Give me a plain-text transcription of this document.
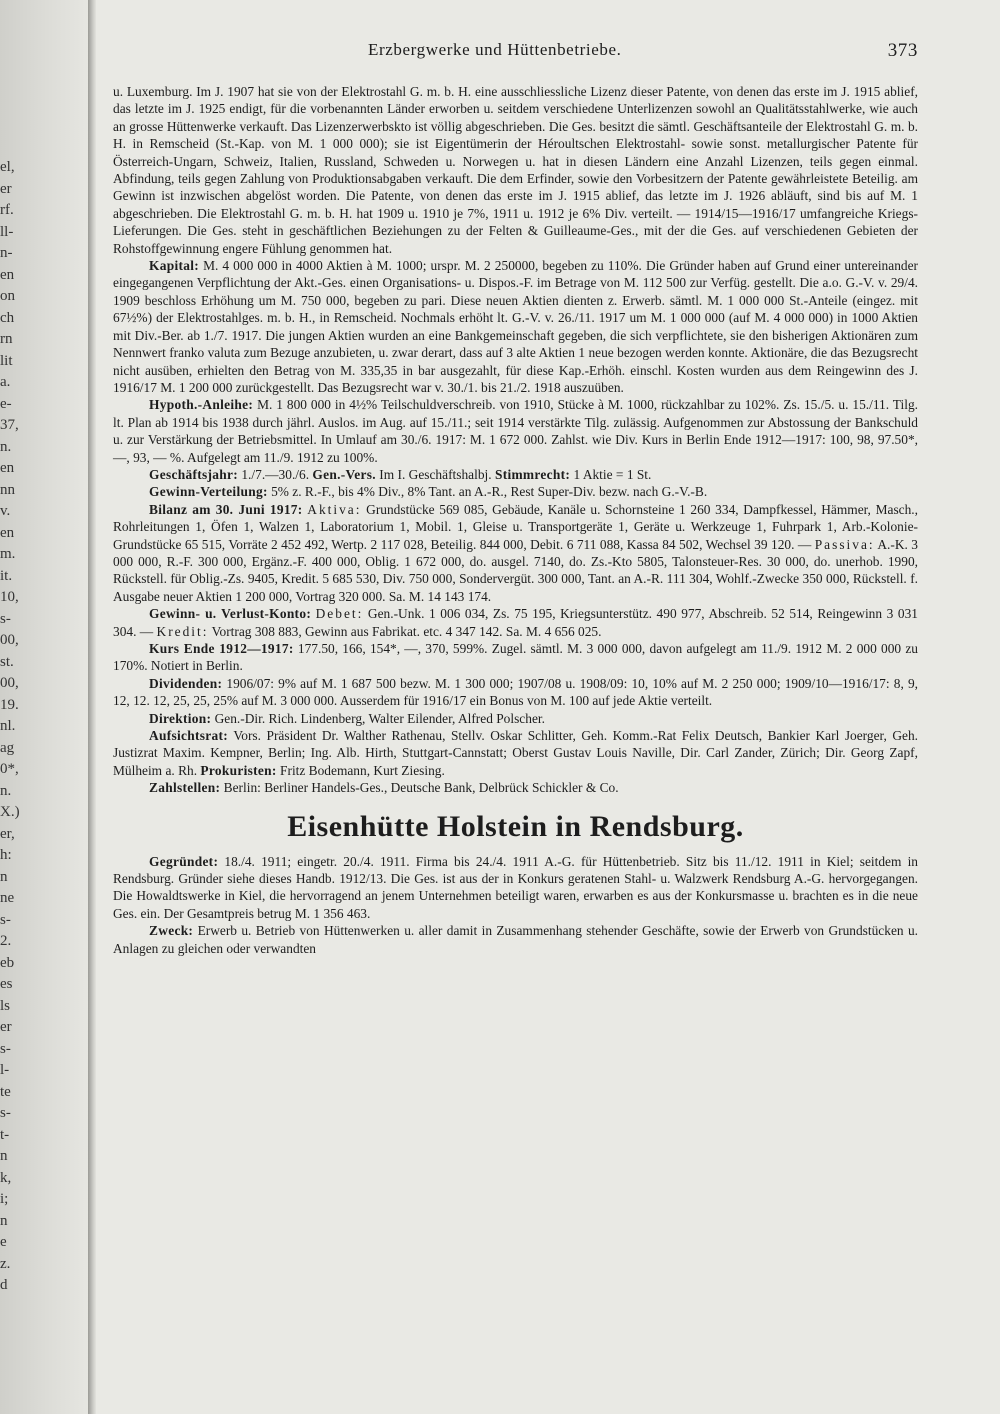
el,
er
rf.
ll-
n-
en
on
ch
rn
lit
a.
e-
37,
n.
en
nn
v.
en
m.
it.
10,
s-
00,
st.
00,
19.
nl.
ag
0*,
n.
X.)
er,
h:
n
ne
s-
2.
eb
es
ls
er
s-
l-
te
s-
t-
n
k,
i;
n
e
z.
d
Erzbergwerke und Hüttenbetriebe.	373

u. Luxemburg. Im J. 1907 hat sie von der Elektrostahl G. m. b. H. eine ausschliessliche Lizenz dieser Patente, von denen das erste im J. 1915 ablief, das letzte im J. 1925 endigt, für die vorbenannten Länder erworben u. seitdem verschiedene Unterlizenzen sowohl an Qualitätsstahlwerke, wie auch an grosse Hüttenwerke verkauft. Das Lizenzerwerbskto ist völlig abgeschrieben. Die Ges. besitzt die sämtl. Geschäftsanteile der Elektrostahl G. m. b. H. in Remscheid (St.-Kap. von M. 1 000 000); sie ist Eigentümerin der Héroultschen Elektrostahl- sowie sonst. metallurgischer Patente für Österreich-Ungarn, Schweiz, Italien, Russland, Schweden u. Norwegen u. hat in diesen Ländern eine Anzahl Lizenzen, teils gegen einmal. Abfindung, teils gegen Zahlung von Produktionsabgaben verkauft. Die dem Erfinder, sowie den Vorbesitzern der Patente gewährleistete Beteilig. am Gewinn ist inzwischen abgelöst worden. Die Patente, von denen das erste im J. 1915 ablief, das letzte im J. 1926 abläuft, sind bis auf M. 1 abgeschrieben. Die Elektrostahl G. m. b. H. hat 1909 u. 1910 je 7%, 1911 u. 1912 je 6% Div. verteilt. — 1914/15—1916/17 umfangreiche Kriegs-Lieferungen. Die Ges. steht in geschäftlichen Beziehungen zu der Felten & Guilleaume-Ges., mit der die Ges. auf verschiedenen Gebieten der Rohstoffgewinnung engere Fühlung genommen hat.

Kapital: M. 4 000 000 in 4000 Aktien à M. 1000; urspr. M. 2 250000, begeben zu 110%. Die Gründer haben auf Grund einer untereinander eingegangenen Verpflichtung der Akt.-Ges. einen Organisations- u. Dispos.-F. im Betrage von M. 112 500 zur Verfüg. gestellt. Die a.o. G.-V. v. 29/4. 1909 beschloss Erhöhung um M. 750 000, begeben zu pari. Diese neuen Aktien dienten z. Erwerb. sämtl. M. 1 000 000 St.-Anteile (eingez. mit 67½%) der Elektrostahlges. m. b. H., in Remscheid. Nochmals erhöht lt. G.-V. v. 26./11. 1917 um M. 1 000 000 (auf M. 4 000 000) in 1000 Aktien mit Div.-Ber. ab 1./7. 1917. Die jungen Aktien wurden an eine Bankgemeinschaft gegeben, die sich verpflichtete, sie den bisherigen Aktionären zum Nennwert franko valuta zum Bezuge anzubieten, u. zwar derart, dass auf 3 alte Aktien 1 neue bezogen werden konnte. Aktionäre, die das Bezugsrecht nicht ausüben, erhielten den Betrag von M. 335,35 in bar ausgezahlt, für diese Kap.-Erhöh. einschl. Kosten wurden aus dem Reingewinn des J. 1916/17 M. 1 200 000 zurückgestellt. Das Bezugsrecht war v. 30./1. bis 21./2. 1918 auszuüben.

Hypoth.-Anleihe: M. 1 800 000 in 4½% Teilschuldverschreib. von 1910, Stücke à M. 1000, rückzahlbar zu 102%. Zs. 15./5. u. 15./11. Tilg. lt. Plan ab 1914 bis 1938 durch jährl. Auslos. im Aug. auf 15./11.; seit 1914 verstärkte Tilg. zulässig. Aufgenommen zur Abstossung der Bankschuld u. zur Verstärkung der Betriebsmittel. In Umlauf am 30./6. 1917: M. 1 672 000. Zahlst. wie Div. Kurs in Berlin Ende 1912—1917: 100, 98, 97.50*, —, 93, — %. Aufgelegt am 11./9. 1912 zu 100%.

Geschäftsjahr: 1./7.—30./6. Gen.-Vers. Im I. Geschäftshalbj. Stimmrecht: 1 Aktie = 1 St.

Gewinn-Verteilung: 5% z. R.-F., bis 4% Div., 8% Tant. an A.-R., Rest Super-Div. bezw. nach G.-V.-B.

Bilanz am 30. Juni 1917: Aktiva: Grundstücke 569 085, Gebäude, Kanäle u. Schornsteine 1 260 334, Dampfkessel, Hämmer, Masch., Rohrleitungen 1, Öfen 1, Walzen 1, Laboratorium 1, Mobil. 1, Gleise u. Transportgeräte 1, Geräte u. Werkzeuge 1, Fuhrpark 1, Arb.-Kolonie-Grundstücke 65 515, Vorräte 2 452 492, Wertp. 2 117 028, Beteilig. 844 000, Debit. 6 711 088, Kassa 84 502, Wechsel 39 120. — Passiva: A.-K. 3 000 000, R.-F. 300 000, Ergänz.-F. 400 000, Oblig. 1 672 000, do. ausgel. 7140, do. Zs.-Kto 5805, Talonsteuer-Res. 30 000, do. unerhob. 1990, Rückstell. für Oblig.-Zs. 9405, Kredit. 5 685 530, Div. 750 000, Sondervergüt. 300 000, Tant. an A.-R. 111 304, Wohlf.-Zwecke 350 000, Rückstell. f. Ausgabe neuer Aktien 1 200 000, Vortrag 320 000. Sa. M. 14 143 174.

Gewinn- u. Verlust-Konto: Debet: Gen.-Unk. 1 006 034, Zs. 75 195, Kriegsunterstütz. 490 977, Abschreib. 52 514, Reingewinn 3 031 304. — Kredit: Vortrag 308 883, Gewinn aus Fabrikat. etc. 4 347 142. Sa. M. 4 656 025.

Kurs Ende 1912—1917: 177.50, 166, 154*, —, 370, 599%. Zugel. sämtl. M. 3 000 000, davon aufgelegt am 11./9. 1912 M. 2 000 000 zu 170%. Notiert in Berlin.

Dividenden: 1906/07: 9% auf M. 1 687 500 bezw. M. 1 300 000; 1907/08 u. 1908/09: 10, 10% auf M. 2 250 000; 1909/10—1916/17: 8, 9, 12, 12. 12, 25, 25, 25% auf M. 3 000 000. Ausserdem für 1916/17 ein Bonus von M. 100 auf jede Aktie verteilt.

Direktion: Gen.-Dir. Rich. Lindenberg, Walter Eilender, Alfred Polscher.

Aufsichtsrat: Vors. Präsident Dr. Walther Rathenau, Stellv. Oskar Schlitter, Geh. Komm.-Rat Felix Deutsch, Bankier Karl Joerger, Geh. Justizrat Maxim. Kempner, Berlin; Ing. Alb. Hirth, Stuttgart-Cannstatt; Oberst Gustav Louis Naville, Dir. Carl Zander, Zürich; Dir. Georg Zapf, Mülheim a. Rh. Prokuristen: Fritz Bodemann, Kurt Ziesing.

Zahlstellen: Berlin: Berliner Handels-Ges., Deutsche Bank, Delbrück Schickler & Co.

Eisenhütte Holstein in Rendsburg.

Gegründet: 18./4. 1911; eingetr. 20./4. 1911. Firma bis 24./4. 1911 A.-G. für Hüttenbetrieb. Sitz bis 11./12. 1911 in Kiel; seitdem in Rendsburg. Gründer siehe dieses Handb. 1912/13. Die Ges. ist aus der in Konkurs geratenen Stahl- u. Walzwerk Rendsburg A.-G. hervorgegangen. Die Howaldtswerke in Kiel, die hervorragend an jenem Unternehmen beteiligt waren, erwarben es aus der Konkursmasse u. brachten es in die neue Ges. ein. Der Gesamtpreis betrug M. 1 356 463.

Zweck: Erwerb u. Betrieb von Hüttenwerken u. aller damit in Zusammenhang stehender Geschäfte, sowie der Erwerb von Grundstücken u. Anlagen zu gleichen oder verwandten
